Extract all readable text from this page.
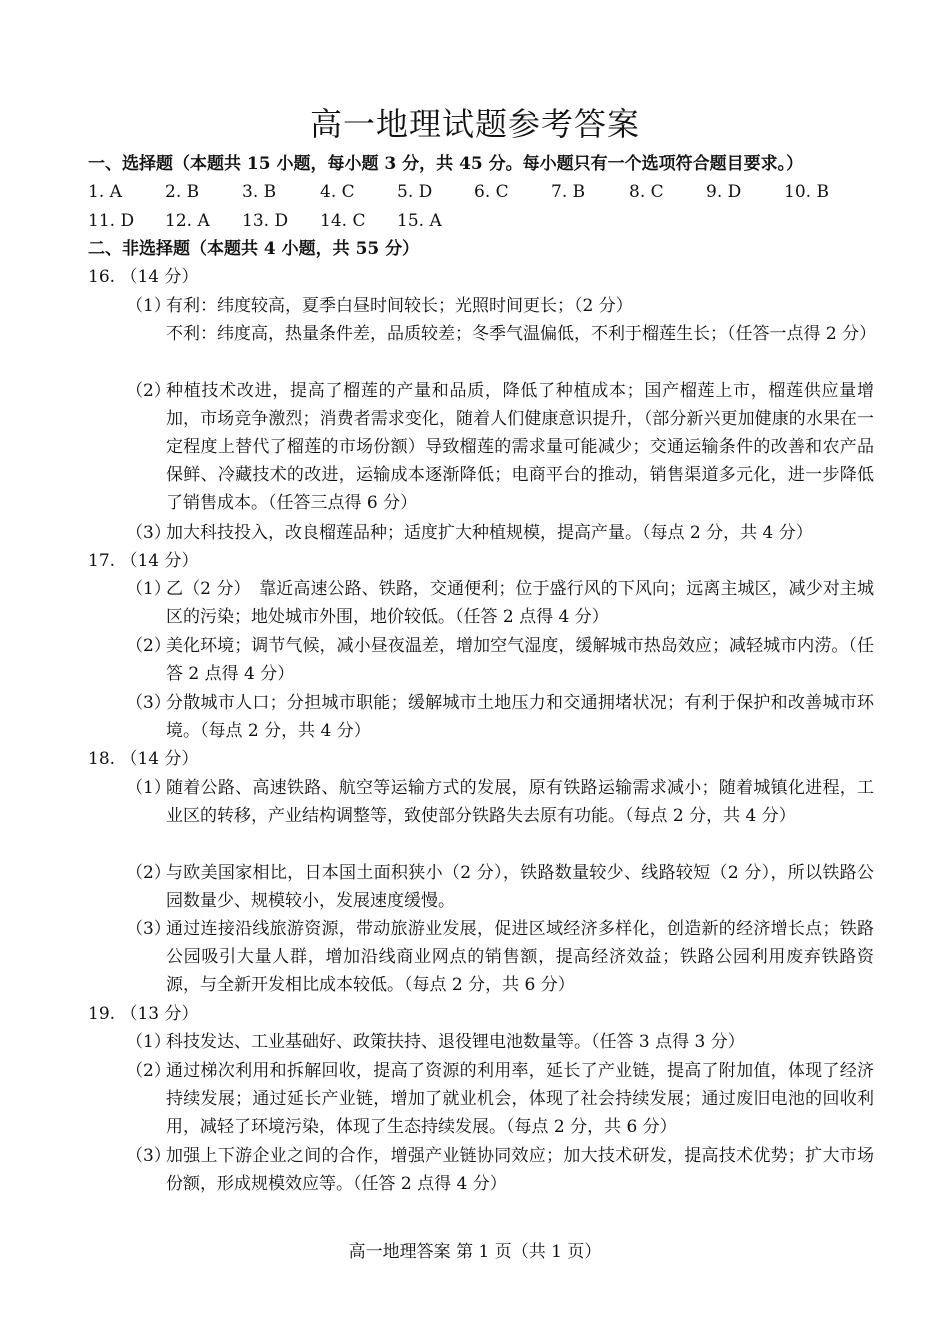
高一地理试题参考答案
一、选择题（本题共 15 小题，每小题 3 分，共 45 分。每小题只有一个选项符合题目要求。）
1. A	2. B	3. B	4. C 5. D 6. C 7. B	8. C 9. D	10. B
11. D 12. A 13. D 14. C 15. A
二、非选择题（本题共 4 小题，共 55 分）
16. （14 分）
（1）
有利：纬度较高，夏季白昼时间较长；光照时间更长；（2 分）
不利：纬度高，热量条件差，品质较差；冬季气温偏低，不利于榴莲生长；（任答一点得 2 分）
（2）
种植技术改进，提高了榴莲的产量和品质，降低了种植成本；国产榴莲上市，榴莲供应量增加，市场竞争激烈；消费者需求变化，随着人们健康意识提升，（部分新兴更加健康的水果在一定程度上替代了榴莲的市场份额）导致榴莲的需求量可能减少；交通运输条件的改善和农产品保鲜、冷藏技术的改进，运输成本逐渐降低；电商平台的推动，销售渠道多元化，进一步降低了销售成本。（任答三点得 6 分）
（3）
加大科技投入，改良榴莲品种；适度扩大种植规模，提高产量。（每点 2 分，共 4 分）
17. （14 分）
（1）
乙（2 分）　靠近高速公路、铁路，交通便利；位于盛行风的下风向；远离主城区，减少对主城区的污染；地处城市外围，地价较低。（任答 2 点得 4 分）
（2）
美化环境；调节气候，减小昼夜温差，增加空气湿度，缓解城市热岛效应；减轻城市内涝。（任答 2 点得 4 分）
（3）
分散城市人口；分担城市职能；缓解城市土地压力和交通拥堵状况；有利于保护和改善城市环境。（每点 2 分，共 4 分）
18. （14 分）
（1）
随着公路、高速铁路、航空等运输方式的发展，原有铁路运输需求减小；随着城镇化进程，工业区的转移，产业结构调整等，致使部分铁路失去原有功能。（每点 2 分，共 4 分）
（2）
与欧美国家相比，日本国土面积狭小（2 分），铁路数量较少、线路较短（2 分），所以铁路公园数量少、规模较小，发展速度缓慢。
（3）
通过连接沿线旅游资源，带动旅游业发展，促进区域经济多样化，创造新的经济增长点；铁路公园吸引大量人群，增加沿线商业网点的销售额，提高经济效益；铁路公园利用废弃铁路资源，与全新开发相比成本较低。（每点 2 分，共 6 分）
19. （13 分）
（1）
科技发达、工业基础好、政策扶持、退役锂电池数量等。（任答 3 点得 3 分）
（2）
通过梯次利用和拆解回收，提高了资源的利用率，延长了产业链，提高了附加值，体现了经济持续发展；通过延长产业链，增加了就业机会，体现了社会持续发展；通过废旧电池的回收利用，减轻了环境污染，体现了生态持续发展。（每点 2 分，共 6 分）
（3）
加强上下游企业之间的合作，增强产业链协同效应；加大技术研发，提高技术优势；扩大市场份额，形成规模效应等。（任答 2 点得 4 分）
高一地理答案 第 1 页（共 1 页）
